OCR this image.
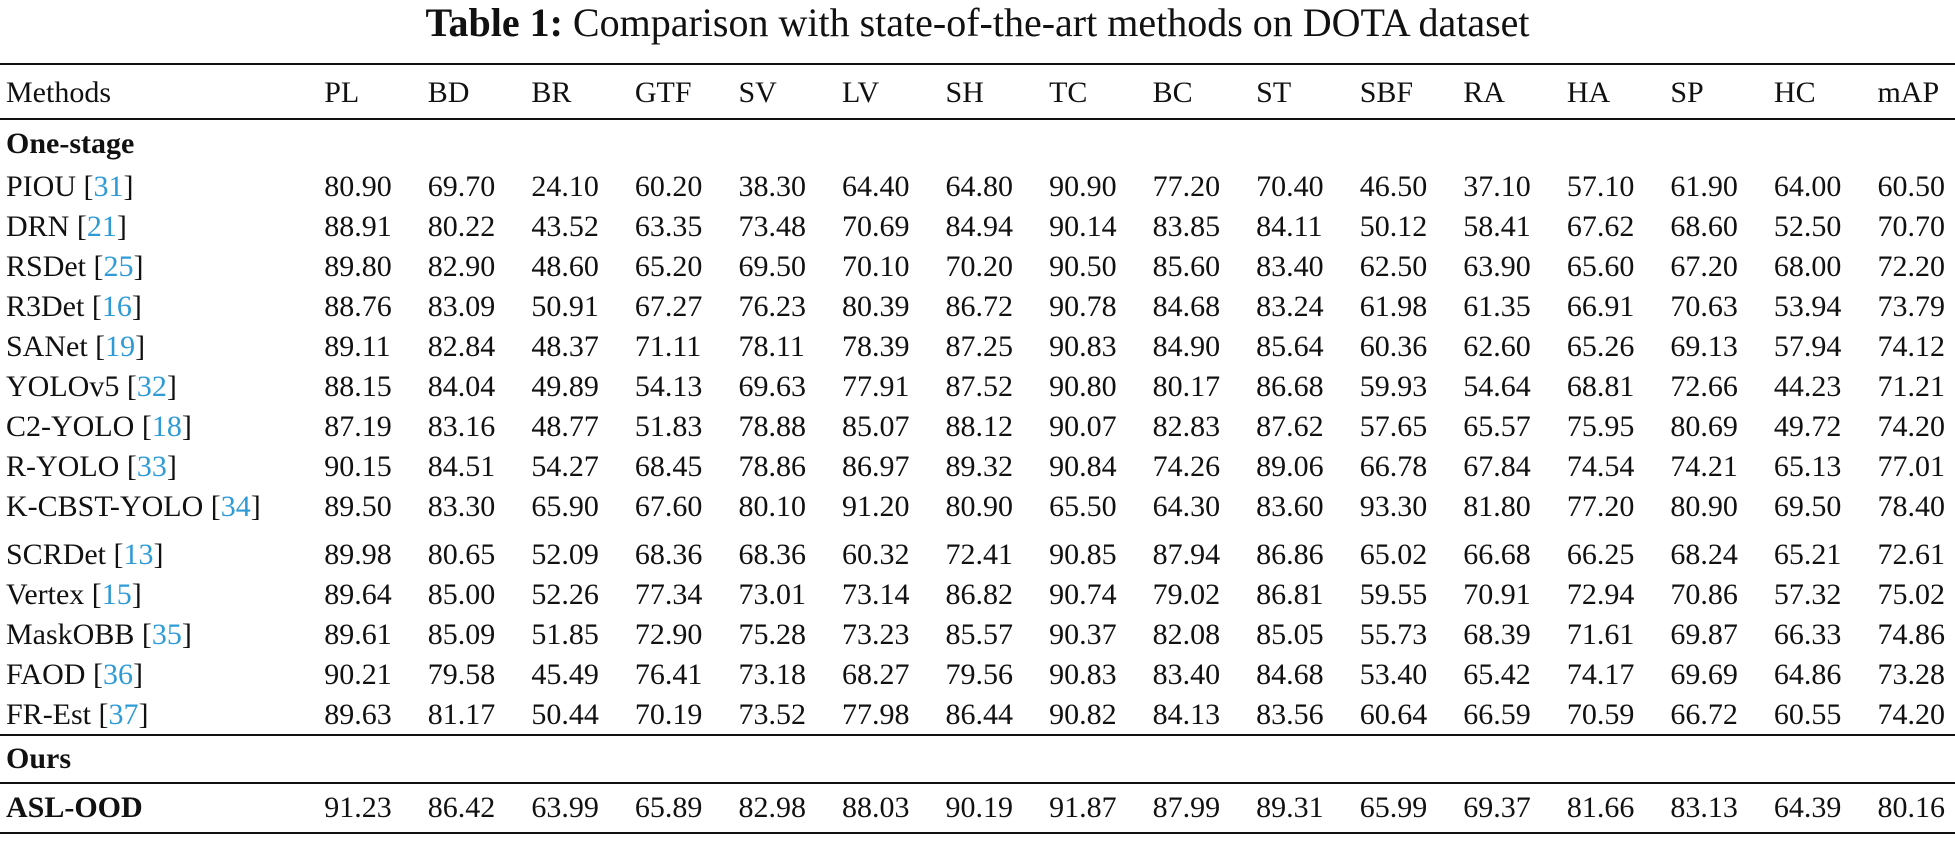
Table 1: Comparison with state-of-the-art methods on DOTA dataset
Methods	PL	BD	BR	GTF	SV	LV	SH	TC	BC	ST	SBF	RA	HA	SP	HC	mAP
One-stage																
PIOU [31]	80.90	69.70	24.10	60.20	38.30	64.40	64.80	90.90	77.20	70.40	46.50	37.10	57.10	61.90	64.00	60.50
DRN [21]	88.91	80.22	43.52	63.35	73.48	70.69	84.94	90.14	83.85	84.11	50.12	58.41	67.62	68.60	52.50	70.70
RSDet [25]	89.80	82.90	48.60	65.20	69.50	70.10	70.20	90.50	85.60	83.40	62.50	63.90	65.60	67.20	68.00	72.20
R3Det [16]	88.76	83.09	50.91	67.27	76.23	80.39	86.72	90.78	84.68	83.24	61.98	61.35	66.91	70.63	53.94	73.79
SANet [19]	89.11	82.84	48.37	71.11	78.11	78.39	87.25	90.83	84.90	85.64	60.36	62.60	65.26	69.13	57.94	74.12
YOLOv5 [32]	88.15	84.04	49.89	54.13	69.63	77.91	87.52	90.80	80.17	86.68	59.93	54.64	68.81	72.66	44.23	71.21
C2-YOLO [18]	87.19	83.16	48.77	51.83	78.88	85.07	88.12	90.07	82.83	87.62	57.65	65.57	75.95	80.69	49.72	74.20
R-YOLO [33]	90.15	84.51	54.27	68.45	78.86	86.97	89.32	90.84	74.26	89.06	66.78	67.84	74.54	74.21	65.13	77.01
K-CBST-YOLO [34]	89.50	83.30	65.90	67.60	80.10	91.20	80.90	65.50	64.30	83.60	93.30	81.80	77.20	80.90	69.50	78.40
SCRDet [13]	89.98	80.65	52.09	68.36	68.36	60.32	72.41	90.85	87.94	86.86	65.02	66.68	66.25	68.24	65.21	72.61
Vertex [15]	89.64	85.00	52.26	77.34	73.01	73.14	86.82	90.74	79.02	86.81	59.55	70.91	72.94	70.86	57.32	75.02
MaskOBB [35]	89.61	85.09	51.85	72.90	75.28	73.23	85.57	90.37	82.08	85.05	55.73	68.39	71.61	69.87	66.33	74.86
FAOD [36]	90.21	79.58	45.49	76.41	73.18	68.27	79.56	90.83	83.40	84.68	53.40	65.42	74.17	69.69	64.86	73.28
FR-Est [37]	89.63	81.17	50.44	70.19	73.52	77.98	86.44	90.82	84.13	83.56	60.64	66.59	70.59	66.72	60.55	74.20
Ours																
ASL-OOD	91.23	86.42	63.99	65.89	82.98	88.03	90.19	91.87	87.99	89.31	65.99	69.37	81.66	83.13	64.39	80.16
